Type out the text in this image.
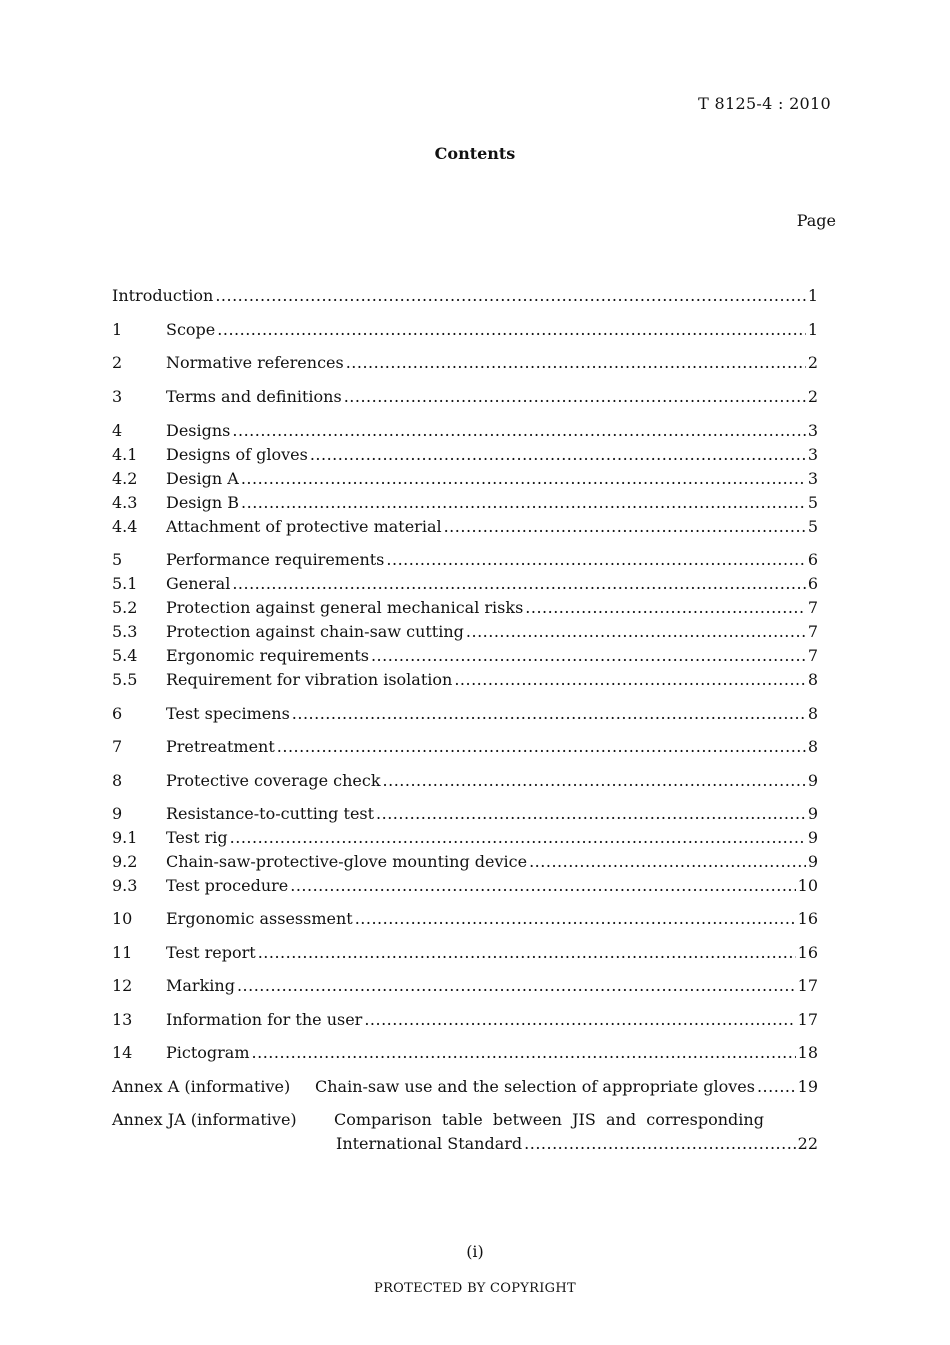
T 8125-4 : 2010
Contents
Page
Introduction .....	1
1	Scope .....	1
2	Normative references .....	2
3	Terms and definitions .....	2
4	Designs .....	3
4.1 Designs of gloves .....	3
4.2 Design A .....	3
4.3 Design B .....	5
4.4 Attachment of protective material .....	5
5	Performance requirements .....	6
5.1 General .....	6
5.2 Protection against general mechanical risks .....	7
5.3 Protection against chain-saw cutting .....	7
5.4 Ergonomic requirements .....	7
5.5 Requirement for vibration isolation .....	8
6	Test specimens .....	8
7	Pretreatment .....	8
8	Protective coverage check .....	9
9	Resistance-to-cutting test .....	9
9.1 Test rig .....	9
9.2 Chain-saw-protective-glove mounting device .....	9
9.3 Test procedure .....	10
10 Ergonomic assessment .....	16
11 Test report .....	16
12 Marking .....	17
13 Information for the user .....	17
14 Pictogram .....	18
Annex A (informative) Chain-saw use and the selection of appropriate gloves .....	19
Annex JA (informative) Comparison table between JIS and corresponding
International Standard .....	22
(i)
PROTECTED BY COPYRIGHT
